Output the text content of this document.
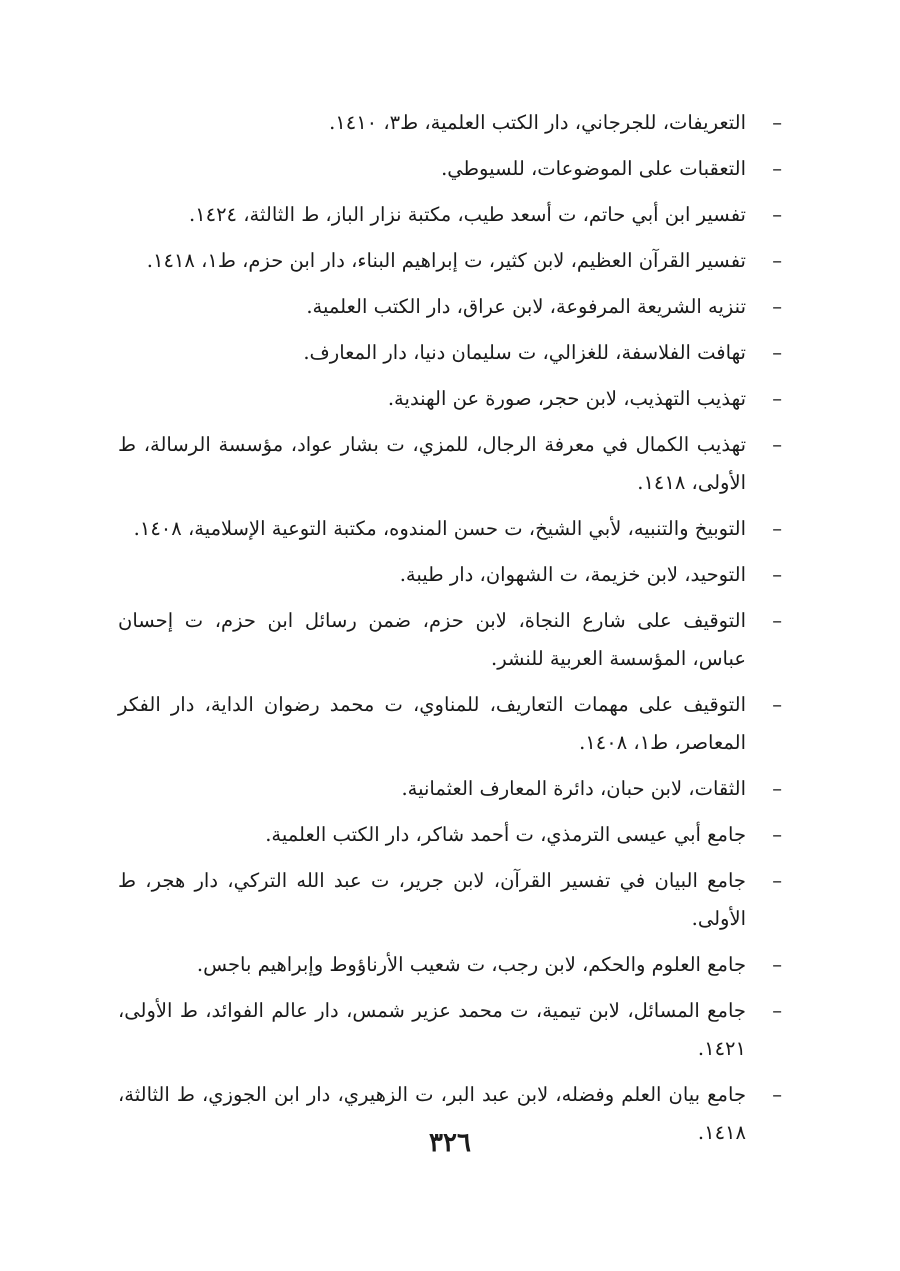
–
التعريفات، للجرجاني، دار الكتب العلمية، ط٣، ١٤١٠.
–
التعقبات على الموضوعات، للسيوطي.
–
تفسير ابن أبي حاتم، ت أسعد طيب، مكتبة نزار الباز، ط الثالثة، ١٤٢٤.
–
تفسير القرآن العظيم، لابن كثير، ت إبراهيم البناء، دار ابن حزم، ط١، ١٤١٨.
–
تنزيه الشريعة المرفوعة، لابن عراق، دار الكتب العلمية.
–
تهافت الفلاسفة، للغزالي، ت سليمان دنيا، دار المعارف.
–
تهذيب التهذيب، لابن حجر، صورة عن الهندية.
–
تهذيب الكمال في معرفة الرجال، للمزي، ت بشار عواد، مؤسسة الرسالة، ط الأولى، ١٤١٨.
–
التوبيخ والتنبيه، لأبي الشيخ، ت حسن المندوه، مكتبة التوعية الإسلامية، ١٤٠٨.
–
التوحيد، لابن خزيمة، ت الشهوان، دار طيبة.
–
التوقيف على شارع النجاة، لابن حزم، ضمن رسائل ابن حزم، ت إحسان عباس، المؤسسة العربية للنشر.
–
التوقيف على مهمات التعاريف، للمناوي، ت محمد رضوان الداية، دار الفكر المعاصر، ط١، ١٤٠٨.
–
الثقات، لابن حبان، دائرة المعارف العثمانية.
–
جامع أبي عيسى الترمذي، ت أحمد شاكر، دار الكتب العلمية.
–
جامع البيان في تفسير القرآن، لابن جرير، ت عبد الله التركي، دار هجر، ط الأولى.
–
جامع العلوم والحكم، لابن رجب، ت شعيب الأرناؤوط وإبراهيم باجس.
–
جامع المسائل، لابن تيمية، ت محمد عزير شمس، دار عالم الفوائد، ط الأولى، ١٤٢١.
–
جامع بيان العلم وفضله، لابن عبد البر، ت الزهيري، دار ابن الجوزي، ط الثالثة، ١٤١٨.
٣٢٦
